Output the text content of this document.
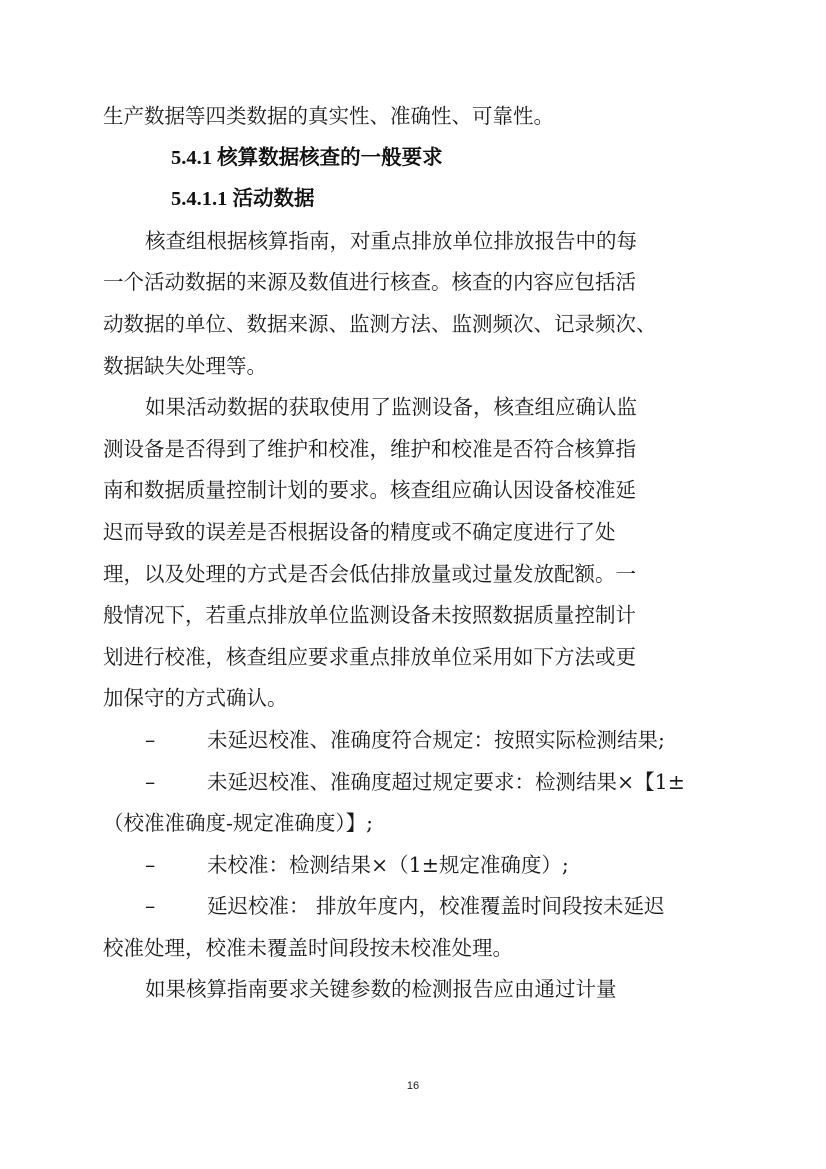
生产数据等四类数据的真实性、准确性、可靠性。

5.4.1 核算数据核查的一般要求

5.4.1.1 活动数据

核查组根据核算指南，对重点排放单位排放报告中的每

一个活动数据的来源及数值进行核查。核查的内容应包括活

动数据的单位、数据来源、监测方法、监测频次、记录频次、

数据缺失处理等。

如果活动数据的获取使用了监测设备，核查组应确认监

测设备是否得到了维护和校准，维护和校准是否符合核算指

南和数据质量控制计划的要求。核查组应确认因设备校准延

迟而导致的误差是否根据设备的精度或不确定度进行了处

理，以及处理的方式是否会低估排放量或过量发放配额。一

般情况下，若重点排放单位监测设备未按照数据质量控制计

划进行校准，核查组应要求重点排放单位采用如下方法或更

加保守的方式确认。

–	未延迟校准、准确度符合规定：按照实际检测结果;

–	未延迟校准、准确度超过规定要求：检测结果×【1±

（校准准确度-规定准确度）】;

–	未校准：检测结果×（1±规定准确度）;

–	延迟校准： 排放年度内，校准覆盖时间段按未延迟

校准处理，校准未覆盖时间段按未校准处理。

如果核算指南要求关键参数的检测报告应由通过计量

16
